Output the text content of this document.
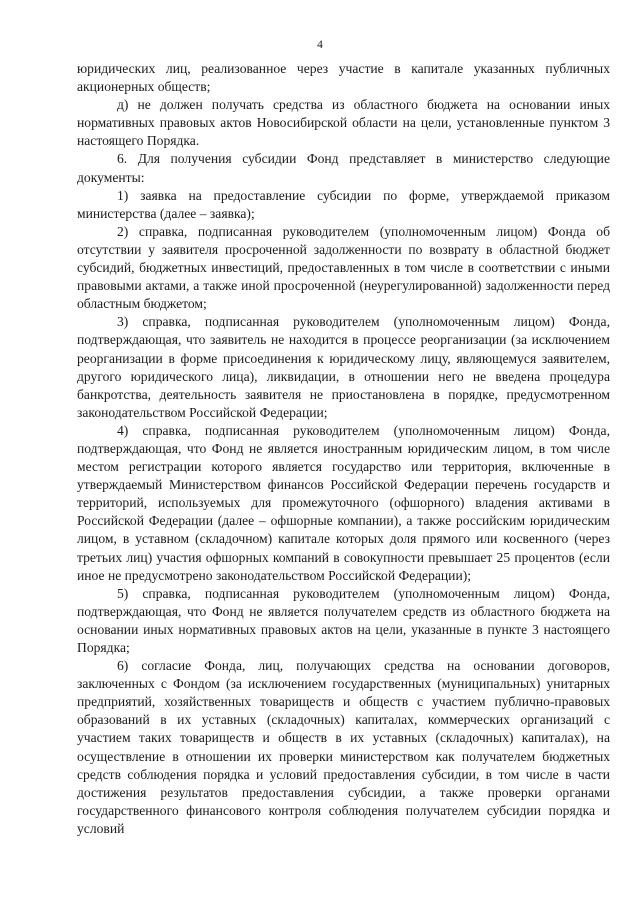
4

юридических лиц, реализованное через участие в капитале указанных публичных акционерных обществ;

д) не должен получать средства из областного бюджета на основании иных нормативных правовых актов Новосибирской области на цели, установленные пунктом 3 настоящего Порядка.

6. Для получения субсидии Фонд представляет в министерство следующие документы:

1) заявка на предоставление субсидии по форме, утверждаемой приказом министерства (далее – заявка);

2) справка, подписанная руководителем (уполномоченным лицом) Фонда об отсутствии у заявителя просроченной задолженности по возврату в областной бюджет субсидий, бюджетных инвестиций, предоставленных в том числе в соответствии с иными правовыми актами, а также иной просроченной (неурегулированной) задолженности перед областным бюджетом;

3) справка, подписанная руководителем (уполномоченным лицом) Фонда, подтверждающая, что заявитель не находится в процессе реорганизации (за исключением реорганизации в форме присоединения к юридическому лицу, являющемуся заявителем, другого юридического лица), ликвидации, в отношении него не введена процедура банкротства, деятельность заявителя не приостановлена в порядке, предусмотренном законодательством Российской Федерации;

4) справка, подписанная руководителем (уполномоченным лицом) Фонда, подтверждающая, что Фонд не является иностранным юридическим лицом, в том числе местом регистрации которого является государство или территория, включенные в утверждаемый Министерством финансов Российской Федерации перечень государств и территорий, используемых для промежуточного (офшорного) владения активами в Российской Федерации (далее – офшорные компании), а также российским юридическим лицом, в уставном (складочном) капитале которых доля прямого или косвенного (через третьих лиц) участия офшорных компаний в совокупности превышает 25 процентов (если иное не предусмотрено законодательством Российской Федерации);

5) справка, подписанная руководителем (уполномоченным лицом) Фонда, подтверждающая, что Фонд не является получателем средств из областного бюджета на основании иных нормативных правовых актов на цели, указанные в пункте 3 настоящего Порядка;

6) согласие Фонда, лиц, получающих средства на основании договоров, заключенных с Фондом (за исключением государственных (муниципальных) унитарных предприятий, хозяйственных товариществ и обществ с участием публично-правовых образований в их уставных (складочных) капиталах, коммерческих организаций с участием таких товариществ и обществ в их уставных (складочных) капиталах), на осуществление в отношении их проверки министерством как получателем бюджетных средств соблюдения порядка и условий предоставления субсидии, в том числе в части достижения результатов предоставления субсидии, а также проверки органами государственного финансового контроля соблюдения получателем субсидии порядка и условий
